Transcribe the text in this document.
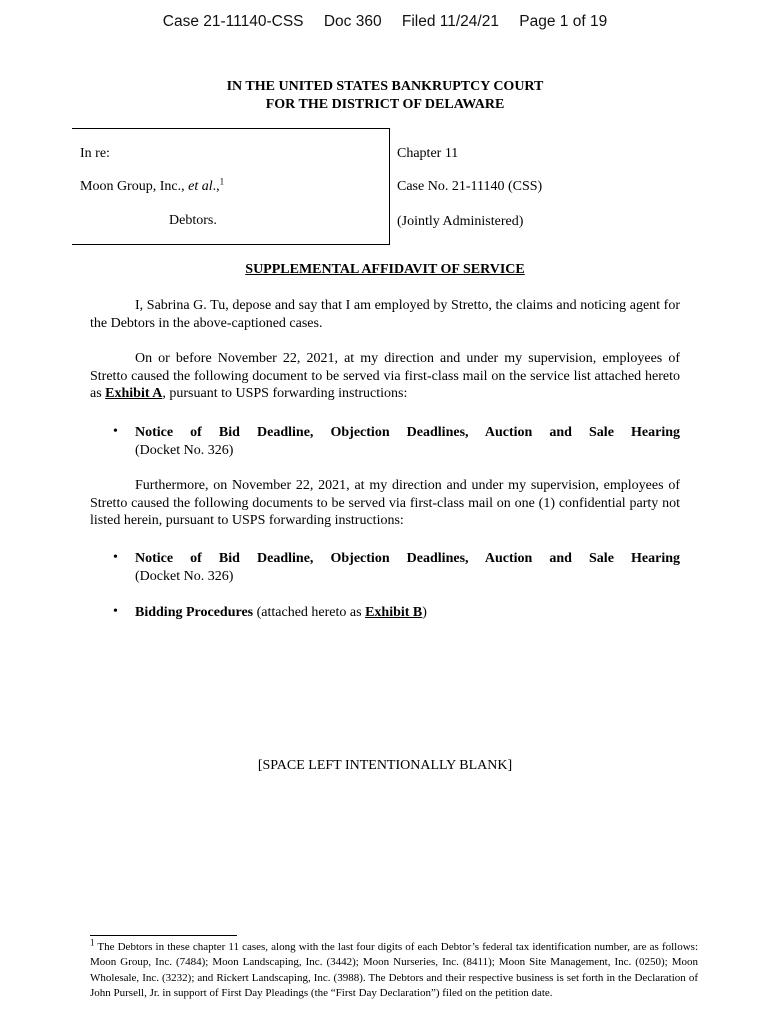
Case 21-11140-CSS Doc 360 Filed 11/24/21 Page 1 of 19
IN THE UNITED STATES BANKRUPTCY COURT
FOR THE DISTRICT OF DELAWARE
In re:
Moon Group, Inc., et al.,$^1$
Debtors.
Chapter 11
Case No. 21-11140 (CSS)
(Jointly Administered)
SUPPLEMENTAL AFFIDAVIT OF SERVICE
I, Sabrina G. Tu, depose and say that I am employed by Stretto, the claims and noticing agent for the Debtors in the above-captioned cases.
On or before November 22, 2021, at my direction and under my supervision, employees of Stretto caused the following document to be served via first-class mail on the service list attached hereto as Exhibit A, pursuant to USPS forwarding instructions:
• Notice of Bid Deadline, Objection Deadlines, Auction and Sale Hearing
(Docket No. 326)
Furthermore, on November 22, 2021, at my direction and under my supervision, employees of Stretto caused the following documents to be served via first-class mail on one (1) confidential party not listed herein, pursuant to USPS forwarding instructions:
• Notice of Bid Deadline, Objection Deadlines, Auction and Sale Hearing
(Docket No. 326)
• Bidding Procedures (attached hereto as Exhibit B)
[SPACE LEFT INTENTIONALLY BLANK]
$^1$ The Debtors in these chapter 11 cases, along with the last four digits of each Debtor’s federal tax identification number, are as follows: Moon Group, Inc. (7484); Moon Landscaping, Inc. (3442); Moon Nurseries, Inc. (8411); Moon Site Management, Inc. (0250); Moon Wholesale, Inc. (3232); and Rickert Landscaping, Inc. (3988). The Debtors and their respective business is set forth in the Declaration of John Pursell, Jr. in support of First Day Pleadings (the “First Day Declaration”) filed on the petition date.
